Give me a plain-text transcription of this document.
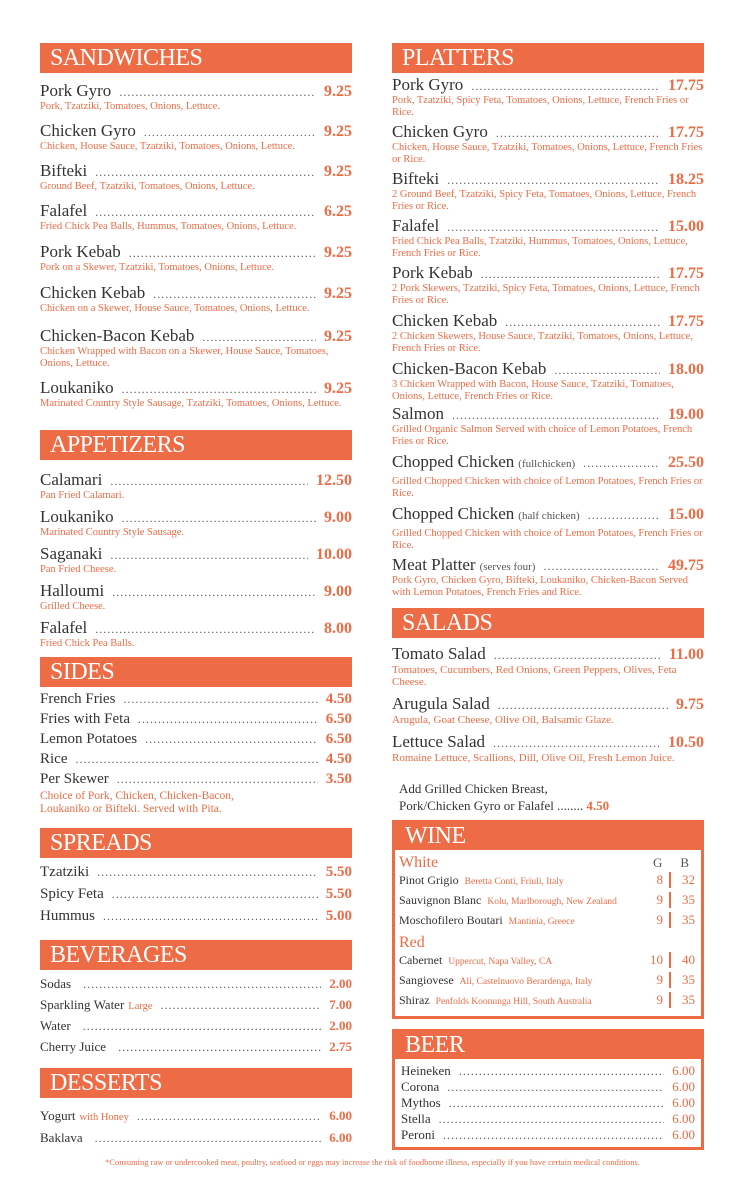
SANDWICHES
Pork Gyro .....	9.25
Pork, Tzatziki, Tomatoes, Onions, Lettuce.
Chicken Gyro .....	9.25
Chicken, House Sauce, Tzatziki, Tomatoes, Onions, Lettuce.
Bifteki .....	9.25
Ground Beef, Tzatziki, Tomatoes, Onions, Lettuce.
Falafel .....	6.25
Fried Chick Pea Balls, Hummus, Tomatoes, Onions, Lettuce.
Pork Kebab .....	9.25
Pork on a Skewer, Tzatziki, Tomatoes, Onions, Lettuce.
Chicken Kebab .....	9.25
Chicken on a Skewer, House Sauce, Tomatoes, Onions, Lettuce.
Chicken-Bacon Kebab .....	9.25
Chicken Wrapped with Bacon on a Skewer, House Sauce, Tomatoes, Onions, Lettuce.
Loukaniko .....	9.25
Marinated Country Style Sausage, Tzatziki, Tomatoes, Onions, Lettuce.
APPETIZERS
Calamari .....	12.50
Pan Fried Calamari.
Loukaniko .....	9.00
Marinated Country Style Sausage.
Saganaki .....	10.00
Pan Fried Cheese.
Halloumi .....	9.00
Grilled Cheese.
Falafel .....	8.00
Fried Chick Pea Balls.
SIDES
French Fries .....	4.50
Fries with Feta .....	6.50
Lemon Potatoes .....	6.50
Rice .....	4.50
Per Skewer .....	3.50
Choice of Pork, Chicken, Chicken-Bacon, Loukaniko or Bifteki. Served with Pita.
SPREADS
Tzatziki .....	5.50
Spicy Feta .....	5.50
Hummus .....	5.00
BEVERAGES
Sodas .....	2.00
Sparkling Water Large .....	7.00
Water .....	2.00
Cherry Juice .....	2.75
DESSERTS
Yogurt with Honey .....	6.00
Baklava .....	6.00
PLATTERS
Pork Gyro .....	17.75
Pork, Tzatziki, Spicy Feta, Tomatoes, Onions, Lettuce, French Fries or Rice.
Chicken Gyro .....	17.75
Chicken, House Sauce, Tzatziki, Tomatoes, Onions, Lettuce, French Fries or Rice.
Bifteki .....	18.25
2 Ground Beef, Tzatziki, Spicy Feta, Tomatoes, Onions, Lettuce, French Fries or Rice.
Falafel .....	15.00
Fried Chick Pea Balls, Tzatziki, Hummus, Tomatoes, Onions, Lettuce, French Fries or Rice.
Pork Kebab .....	17.75
2 Pork Skewers, Tzatziki, Spicy Feta, Tomatoes, Onions, Lettuce, French Fries or Rice.
Chicken Kebab .....	17.75
2 Chicken Skewers, House Sauce, Tzatziki, Tomatoes, Onions, Lettuce, French Fries or Rice.
Chicken-Bacon Kebab .....	18.00
3 Chicken Wrapped with Bacon, House Sauce, Tzatziki, Tomatoes, Onions, Lettuce, French Fries or Rice.
Salmon .....	19.00
Grilled Organic Salmon Served with choice of Lemon Potatoes, French Fries or Rice.
Chopped Chicken (fullchicken) .....	25.50
Grilled Chopped Chicken with choice of Lemon Potatoes, French Fries or Rice.
Chopped Chicken (half chicken) .....	15.00
Grilled Chopped Chicken with choice of Lemon Potatoes, French Fries or Rice.
Meat Platter (serves four) .....	49.75
Pork Gyro, Chicken Gyro, Bifteki, Loukaniko, Chicken-Bacon Served with Lemon Potatoes, French Fries and Rice.
SALADS
Tomato Salad .....	11.00
Tomatoes, Cucumbers, Red Onions, Green Peppers, Olives, Feta Cheese.
Arugula Salad .....	9.75
Arugula, Goat Cheese, Olive Oil, Balsamic Glaze.
Lettuce Salad .....	10.50
Romaine Lettuce, Scallions, Dill, Olive Oil, Fresh Lemon Juice.
Add Grilled Chicken Breast,
Pork/Chicken Gyro or Falafel ........ 4.50
WINE
White	G B
Pinot Grigio Beretta Conti, Friuli, Italy	8	32
Sauvignon Blanc Kolu, Marlborough, New Zealand	9	35
Moschofilero Boutari Mantinia, Greece	9	35
Red
Cabernet Uppercut, Napa Valley, CA	10	40
Sangiovese Ali, Castelnuovo Berardenga, Italy	9	35
Shiraz Penfolds Koonunga Hill, South Australia	9	35
BEER
Heineken .....	6.00
Corona .....	6.00
Mythos .....	6.00
Stella .....	6.00
Peroni .....	6.00
*Consuming raw or undercooked meat, poultry, seafood or eggs may increase the risk of foodborne illness, especially if you have certain medical conditions.
